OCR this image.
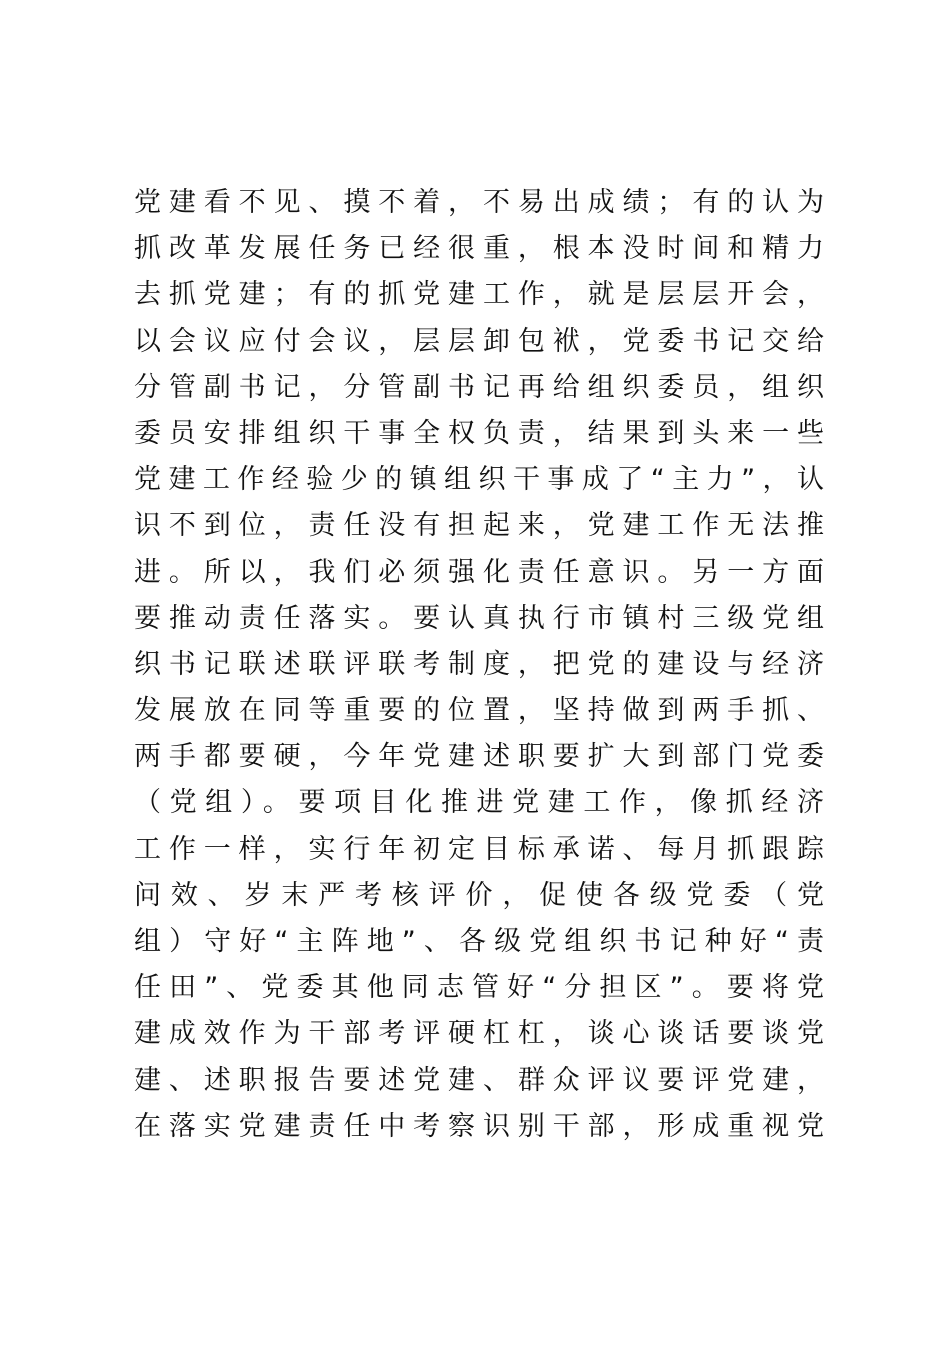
党建看不见、摸不着，不易出成绩；有的认为
抓改革发展任务已经很重，根本没时间和精力
去抓党建；有的抓党建工作，就是层层开会，
以会议应付会议，层层卸包袱，党委书记交给
分管副书记，分管副书记再给组织委员，组织
委员安排组织干事全权负责，结果到头来一些
党建工作经验少的镇组织干事成了“主力”，认
识不到位，责任没有担起来，党建工作无法推
进。所以，我们必须强化责任意识。另一方面
要推动责任落实。要认真执行市镇村三级党组
织书记联述联评联考制度，把党的建设与经济
发展放在同等重要的位置，坚持做到两手抓、
两手都要硬，今年党建述职要扩大到部门党委
（党组）。要项目化推进党建工作，像抓经济
工作一样，实行年初定目标承诺、每月抓跟踪
问效、岁末严考核评价，促使各级党委（党
组）守好“主阵地”、各级党组织书记种好“责
任田”、党委其他同志管好“分担区”。要将党
建成效作为干部考评硬杠杠，谈心谈话要谈党
建、述职报告要述党建、群众评议要评党建，
在落实党建责任中考察识别干部，形成重视党
